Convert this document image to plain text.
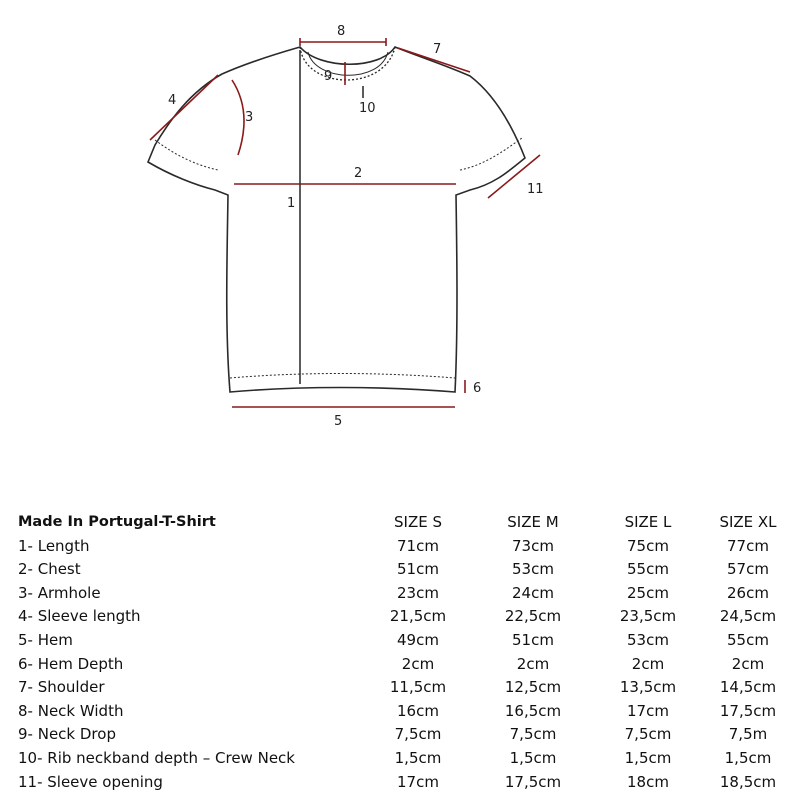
1
2
3
4
5
6
7
8
9
10
11
Made In Portugal-T-Shirt	SIZE S	SIZE M	SIZE L	SIZE XL
1- Length	71cm	73cm	75cm	77cm
2- Chest	51cm	53cm	55cm	57cm
3- Armhole	23cm	24cm	25cm	26cm
4- Sleeve length	21,5cm	22,5cm	23,5cm	24,5cm
5- Hem	49cm	51cm	53cm	55cm
6- Hem Depth	2cm	2cm	2cm	2cm
7- Shoulder	11,5cm	12,5cm	13,5cm	14,5cm
8- Neck Width	16cm	16,5cm	17cm	17,5cm
9- Neck Drop	7,5cm	7,5cm	7,5cm	7,5m
10- Rib neckband depth – Crew Neck	1,5cm	1,5cm	1,5cm	1,5cm
11- Sleeve opening	17cm	17,5cm	18cm	18,5cm
